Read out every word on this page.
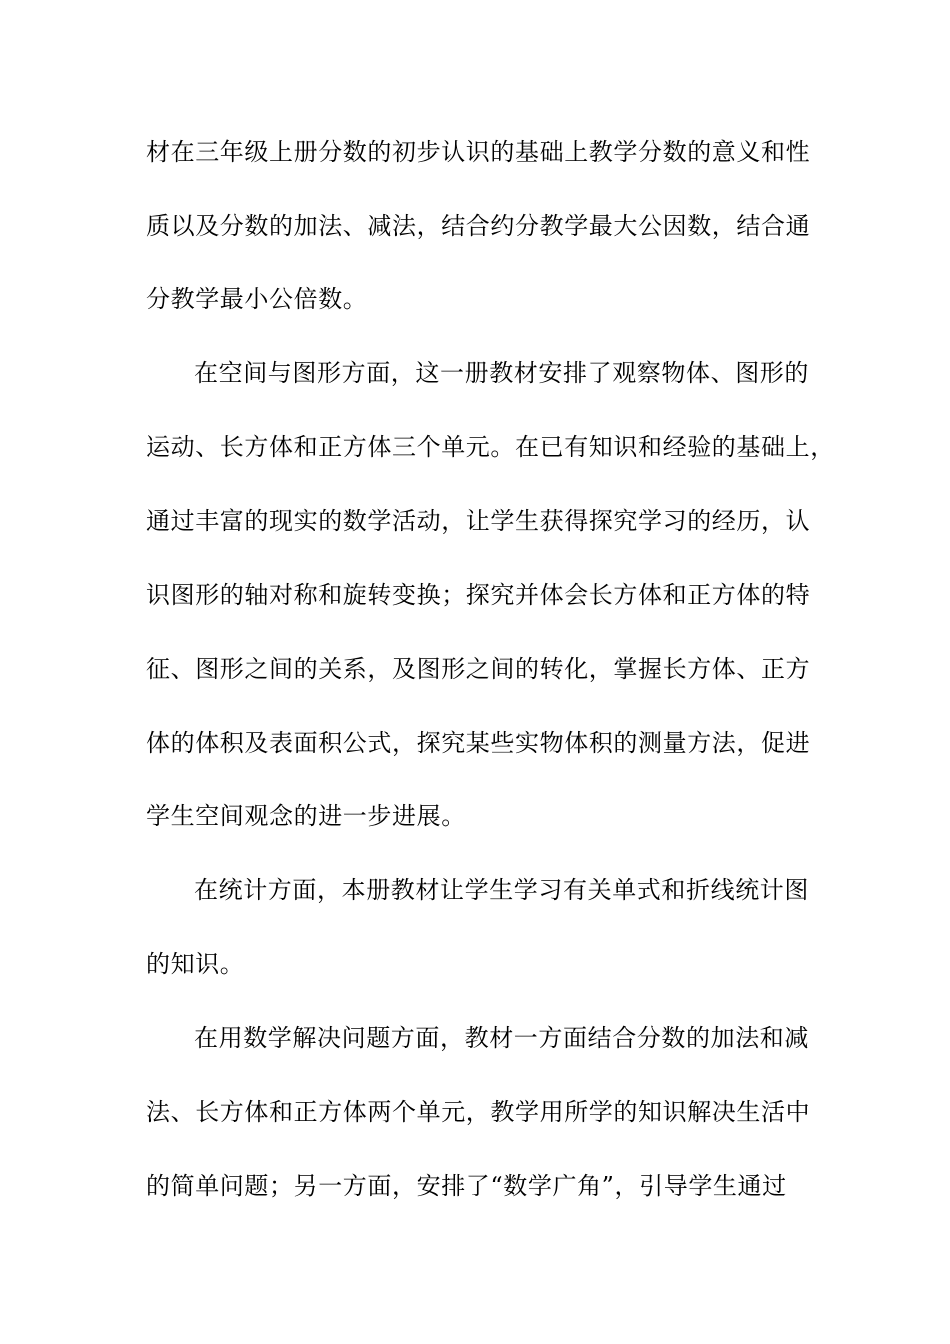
材在三年级上册分数的初步认识的基础上教学分数的意义和性
质以及分数的加法、减法，结合约分教学最大公因数，结合通
分教学最小公倍数。
在空间与图形方面，这一册教材安排了观察物体、图形的
运动、长方体和正方体三个单元。在已有知识和经验的基础上，
通过丰富的现实的数学活动，让学生获得探究学习的经历，认
识图形的轴对称和旋转变换；探究并体会长方体和正方体的特
征、图形之间的关系，及图形之间的转化，掌握长方体、正方
体的体积及表面积公式，探究某些实物体积的测量方法，促进
学生空间观念的进一步进展。
在统计方面，本册教材让学生学习有关单式和折线统计图
的知识。
在用数学解决问题方面，教材一方面结合分数的加法和减
法、长方体和正方体两个单元，教学用所学的知识解决生活中
的简单问题；另一方面，安排了“数学广角”，引导学生通过
